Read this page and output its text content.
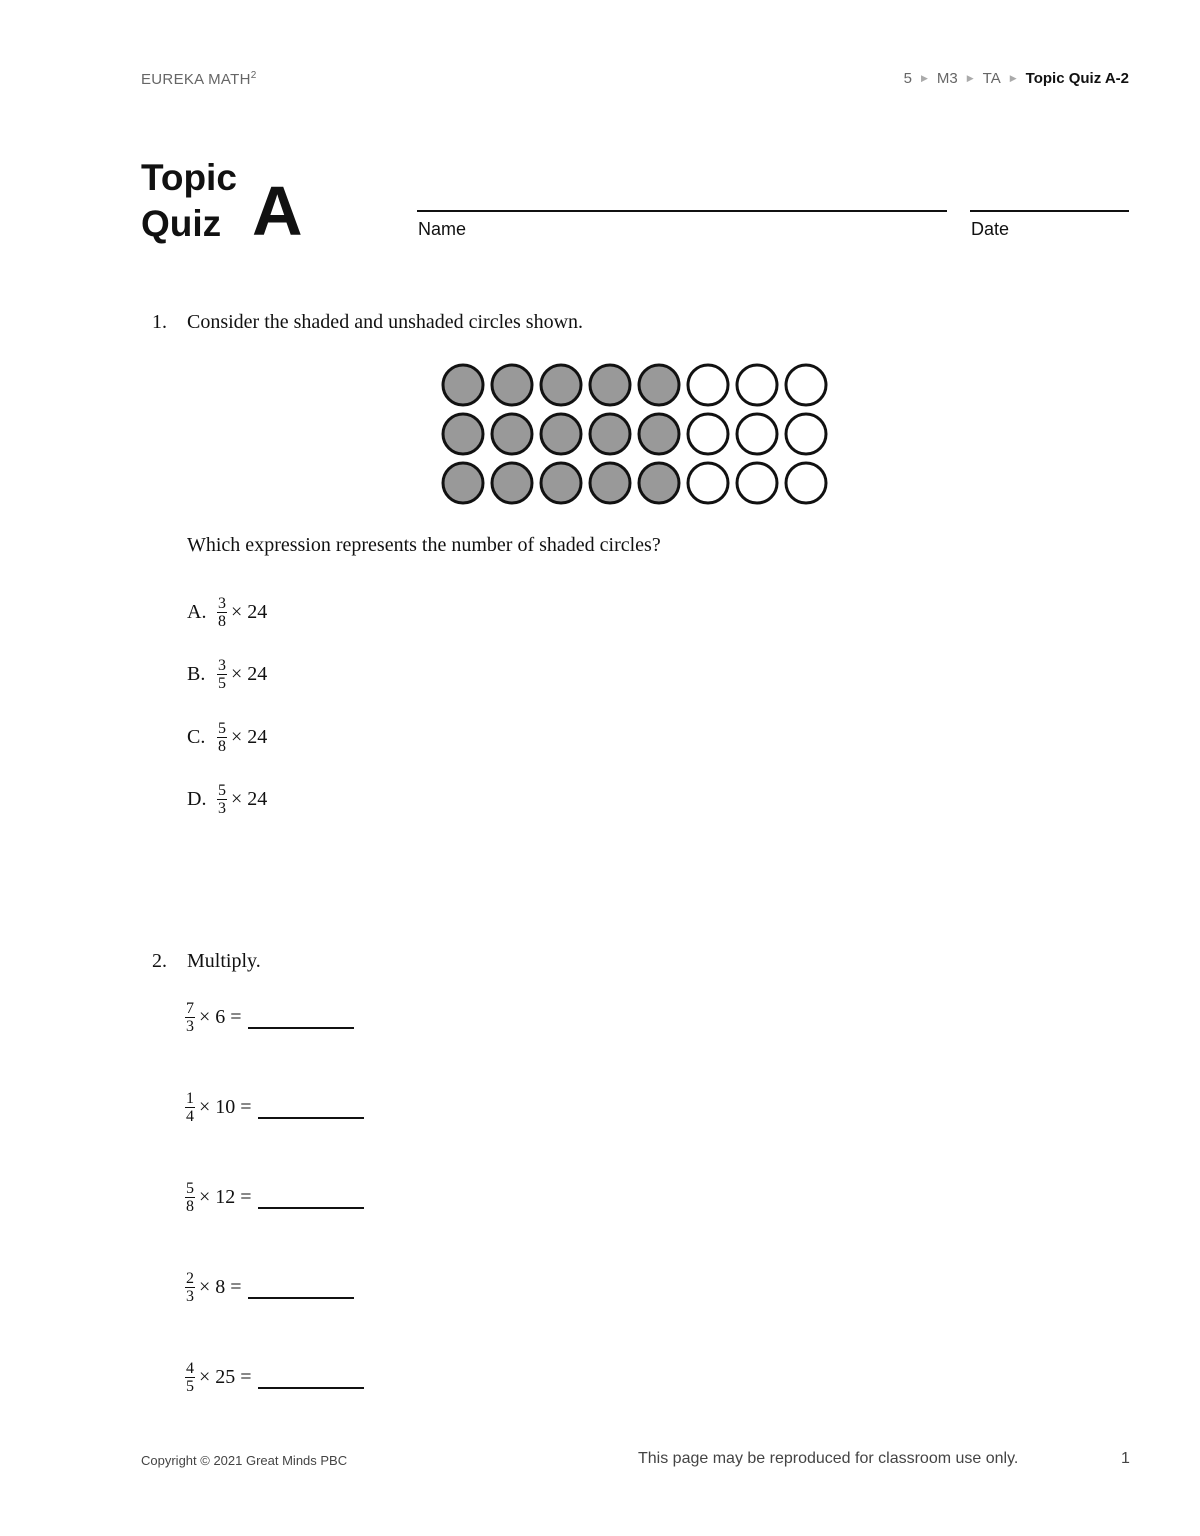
EUREKA MATH$^2$	5 ▶ M3 ▶ TA ▶ Topic Quiz A-2
Topic
Quiz A	Name	Date
1. Consider the shaded and unshaded circles shown.
Which expression represents the number of shaded circles?
A. $\frac{3}{8} \times 24$
B. $\frac{3}{5} \times 24$
C. $\frac{5}{8} \times 24$
D. $\frac{5}{3} \times 24$
2. Multiply.
$\frac{7}{3} \times 6$ =
$\frac{1}{4} \times 10$ =
$\frac{5}{8} \times 12$ =
$\frac{2}{3} \times 8$ =
$\frac{4}{5} \times 25$ =
Copyright © 2021 Great Minds PBC	This page may be reproduced for classroom use only.	1
